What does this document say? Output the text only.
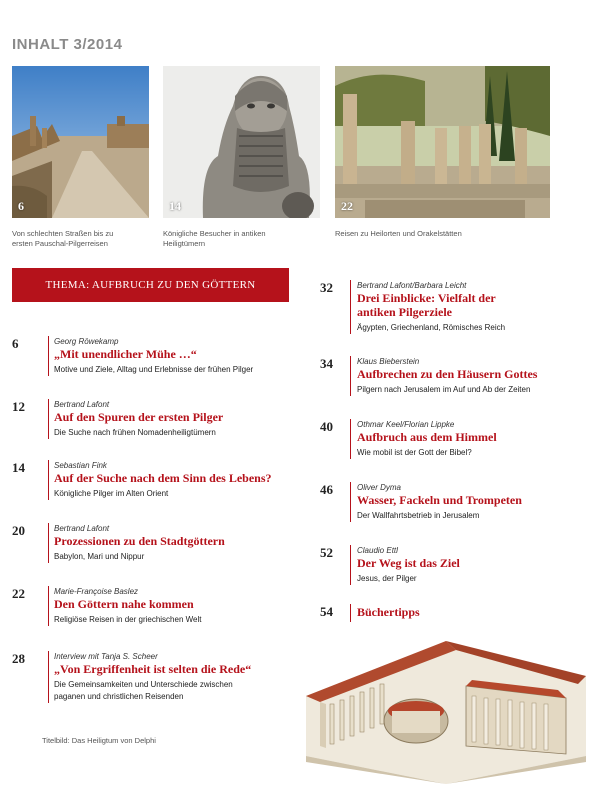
INHALT 3/2014
6
Von schlechten Straßen bis zu
ersten Pauschal-Pilgerreisen
14
Königliche Besucher in antiken
Heiligtümern
22
Reisen zu Heilorten und Orakelstätten
THEMA: AUFBRUCH ZU DEN GÖTTERN
6	Georg Röwekamp
„Mit unendlicher Mühe …“
Motive und Ziele, Alltag und Erlebnisse der frühen Pilger
12	Bertrand Lafont
Auf den Spuren der ersten Pilger
Die Suche nach frühen Nomadenheiligtümern
14	Sebastian Fink
Auf der Suche nach dem Sinn des Lebens?
Königliche Pilger im Alten Orient
20	Bertrand Lafont
Prozessionen zu den Stadtgöttern
Babylon, Mari und Nippur
22	Marie-Françoise Baslez
Den Göttern nahe kommen
Religiöse Reisen in der griechischen Welt
28	Interview mit Tanja S. Scheer
„Von Ergriffenheit ist selten die Rede“
Die Gemeinsamkeiten und Unterschiede zwischen
paganen und christlichen Reisenden
32	Bertrand Lafont/Barbara Leicht
Drei Einblicke: Vielfalt der
antiken Pilgerziele
Ägypten, Griechenland, Römisches Reich
34	Klaus Bieberstein
Aufbrechen zu den Häusern Gottes
Pilgern nach Jerusalem im Auf und Ab der Zeiten
40	Othmar Keel/Florian Lippke
Aufbruch aus dem Himmel
Wie mobil ist der Gott der Bibel?
46	Oliver Dyma
Wasser, Fackeln und Trompeten
Der Wallfahrtsbetrieb in Jerusalem
52	Claudio Ettl
Der Weg ist das Ziel
Jesus, der Pilger
54 Büchertipps
Titelbild: Das Heiligtum von Delphi
